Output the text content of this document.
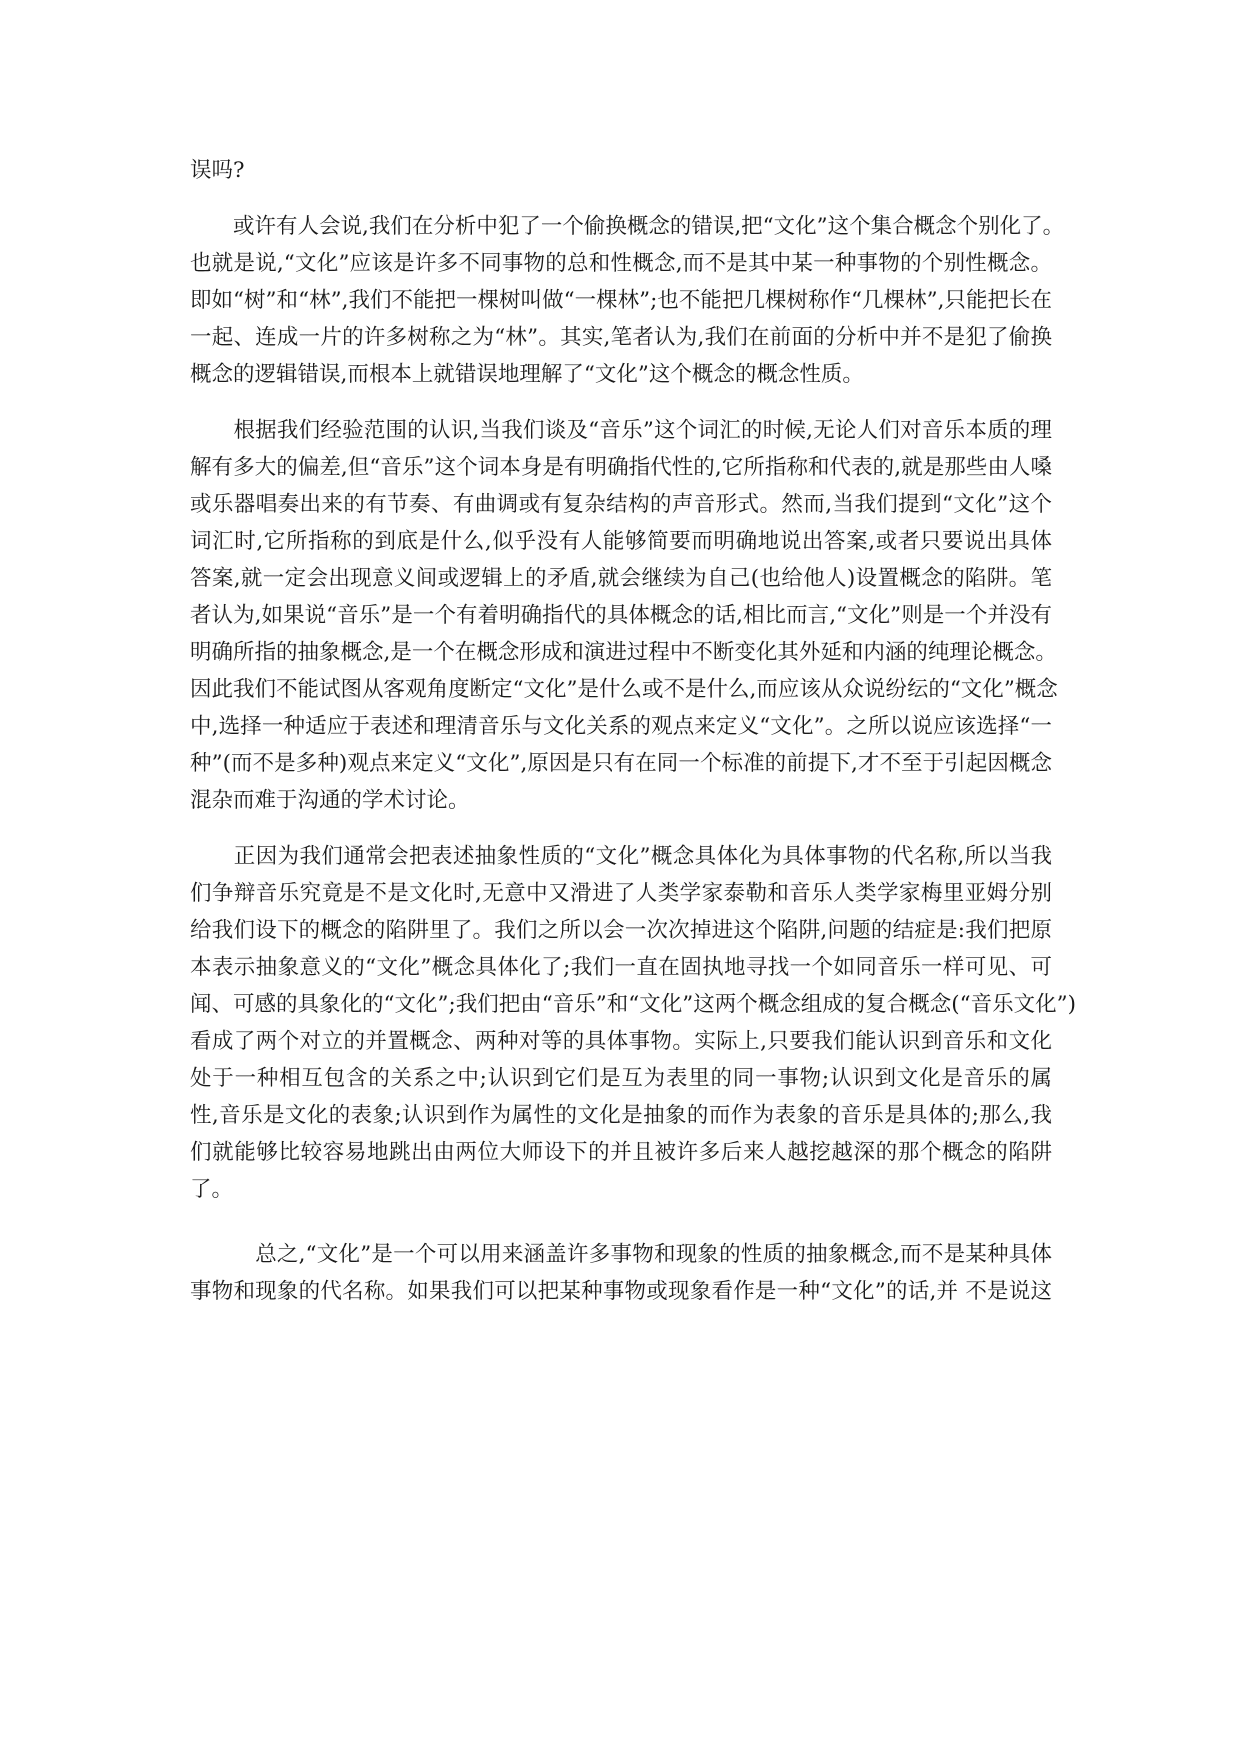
误吗?
　　或许有人会说,我们在分析中犯了一个偷换概念的错误,把“文化”这个集合概念个别化了。
也就是说,“文化”应该是许多不同事物的总和性概念,而不是其中某一种事物的个别性概念。
即如“树”和“林”,我们不能把一棵树叫做“一棵林”;也不能把几棵树称作“几棵林”,只能把长在
一起、连成一片的许多树称之为“林”。其实,笔者认为,我们在前面的分析中并不是犯了偷换
概念的逻辑错误,而根本上就错误地理解了“文化”这个概念的概念性质。
　　根据我们经验范围的认识,当我们谈及“音乐”这个词汇的时候,无论人们对音乐本质的理
解有多大的偏差,但“音乐”这个词本身是有明确指代性的,它所指称和代表的,就是那些由人嗓
或乐器唱奏出来的有节奏、有曲调或有复杂结构的声音形式。然而,当我们提到“文化”这个
词汇时,它所指称的到底是什么,似乎没有人能够简要而明确地说出答案,或者只要说出具体
答案,就一定会出现意义间或逻辑上的矛盾,就会继续为自己(也给他人)设置概念的陷阱。笔
者认为,如果说“音乐”是一个有着明确指代的具体概念的话,相比而言,“文化”则是一个并没有
明确所指的抽象概念,是一个在概念形成和演进过程中不断变化其外延和内涵的纯理论概念。
因此我们不能试图从客观角度断定“文化”是什么或不是什么,而应该从众说纷纭的“文化”概念
中,选择一种适应于表述和理清音乐与文化关系的观点来定义“文化”。之所以说应该选择“一
种”(而不是多种)观点来定义“文化”,原因是只有在同一个标准的前提下,才不至于引起因概念
混杂而难于沟通的学术讨论。
　　正因为我们通常会把表述抽象性质的“文化”概念具体化为具体事物的代名称,所以当我
们争辩音乐究竟是不是文化时,无意中又滑进了人类学家泰勒和音乐人类学家梅里亚姆分别
给我们设下的概念的陷阱里了。我们之所以会一次次掉进这个陷阱,问题的结症是:我们把原
本表示抽象意义的“文化”概念具体化了;我们一直在固执地寻找一个如同音乐一样可见、可
闻、可感的具象化的“文化”;我们把由“音乐”和“文化”这两个概念组成的复合概念(“音乐文化”)
看成了两个对立的并置概念、两种对等的具体事物。实际上,只要我们能认识到音乐和文化
处于一种相互包含的关系之中;认识到它们是互为表里的同一事物;认识到文化是音乐的属
性,音乐是文化的表象;认识到作为属性的文化是抽象的而作为表象的音乐是具体的;那么,我
们就能够比较容易地跳出由两位大师设下的并且被许多后来人越挖越深的那个概念的陷阱
了。
　　　总之,“文化”是一个可以用来涵盖许多事物和现象的性质的抽象概念,而不是某种具体
事物和现象的代名称。如果我们可以把某种事物或现象看作是一种“文化”的话,并 不是说这
